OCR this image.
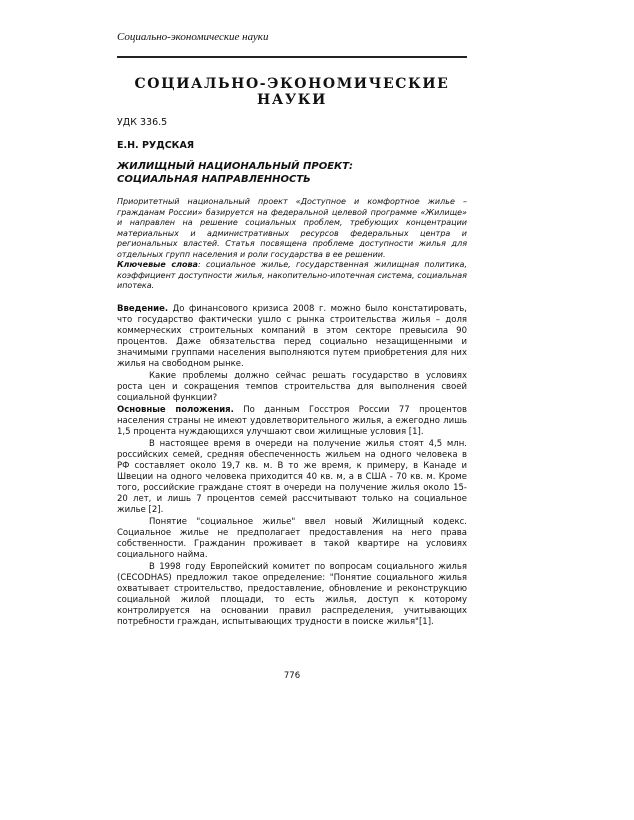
Социально-экономические науки
СОЦИАЛЬНО-ЭКОНОМИЧЕСКИЕ НАУКИ
УДК 336.5
Е.Н. РУДСКАЯ
ЖИЛИЩНЫЙ НАЦИОНАЛЬНЫЙ ПРОЕКТ:
СОЦИАЛЬНАЯ НАПРАВЛЕННОСТЬ
Приоритетный национальный проект «Доступное и комфортное жилье – гражданам России» базируется на федеральной целевой программе «Жилище» и направлен на решение социальных проблем, требующих концентрации материальных и административных ресурсов федеральных центра и региональных властей. Статья посвящена проблеме доступности жилья для отдельных групп населения и роли государства в ее решении.
Ключевые слова: социальное жилье, государственная жилищная политика, коэффициент доступности жилья, накопительно-ипотечная система, социальная ипотека.

Введение. До финансового кризиса 2008 г. можно было констатировать, что государство фактически ушло с рынка строительства жилья – доля коммерческих строительных компаний в этом секторе превысила 90 процентов. Даже обязательства перед социально незащищенными и значимыми группами населения выполняются путем приобретения для них жилья на свободном рынке.

Какие проблемы должно сейчас решать государство в условиях роста цен и сокращения темпов строительства для выполнения своей социальной функции?

Основные положения. По данным Госстроя России 77 процентов населения страны не имеют удовлетворительного жилья, а ежегодно лишь 1,5 процента нуждающихся улучшают свои жилищные условия [1].

В настоящее время в очереди на получение жилья стоят 4,5 млн. российских семей, средняя обеспеченность жильем на одного человека в РФ составляет около 19,7 кв. м. В то же время, к примеру, в Канаде и Швеции на одного человека приходится 40 кв. м, а в США - 70 кв. м. Кроме того, российские граждане стоят в очереди на получение жилья около 15-20 лет, и лишь 7 процентов семей рассчитывают только на социальное жилье [2].

Понятие "социальное жилье" ввел новый Жилищный кодекс. Социальное жилье не предполагает предоставления на него права собственности. Гражданин проживает в такой квартире на условиях социального найма.

В 1998 году Европейский комитет по вопросам социального жилья (CECODHAS) предложил такое определение: "Понятие социального жилья охватывает строительство, предоставление, обновление и реконструкцию социальной жилой площади, то есть жилья, доступ к которому контролируется на основании правил распределения, учитывающих потребности граждан, испытывающих трудности в поиске жилья"[1].

776
